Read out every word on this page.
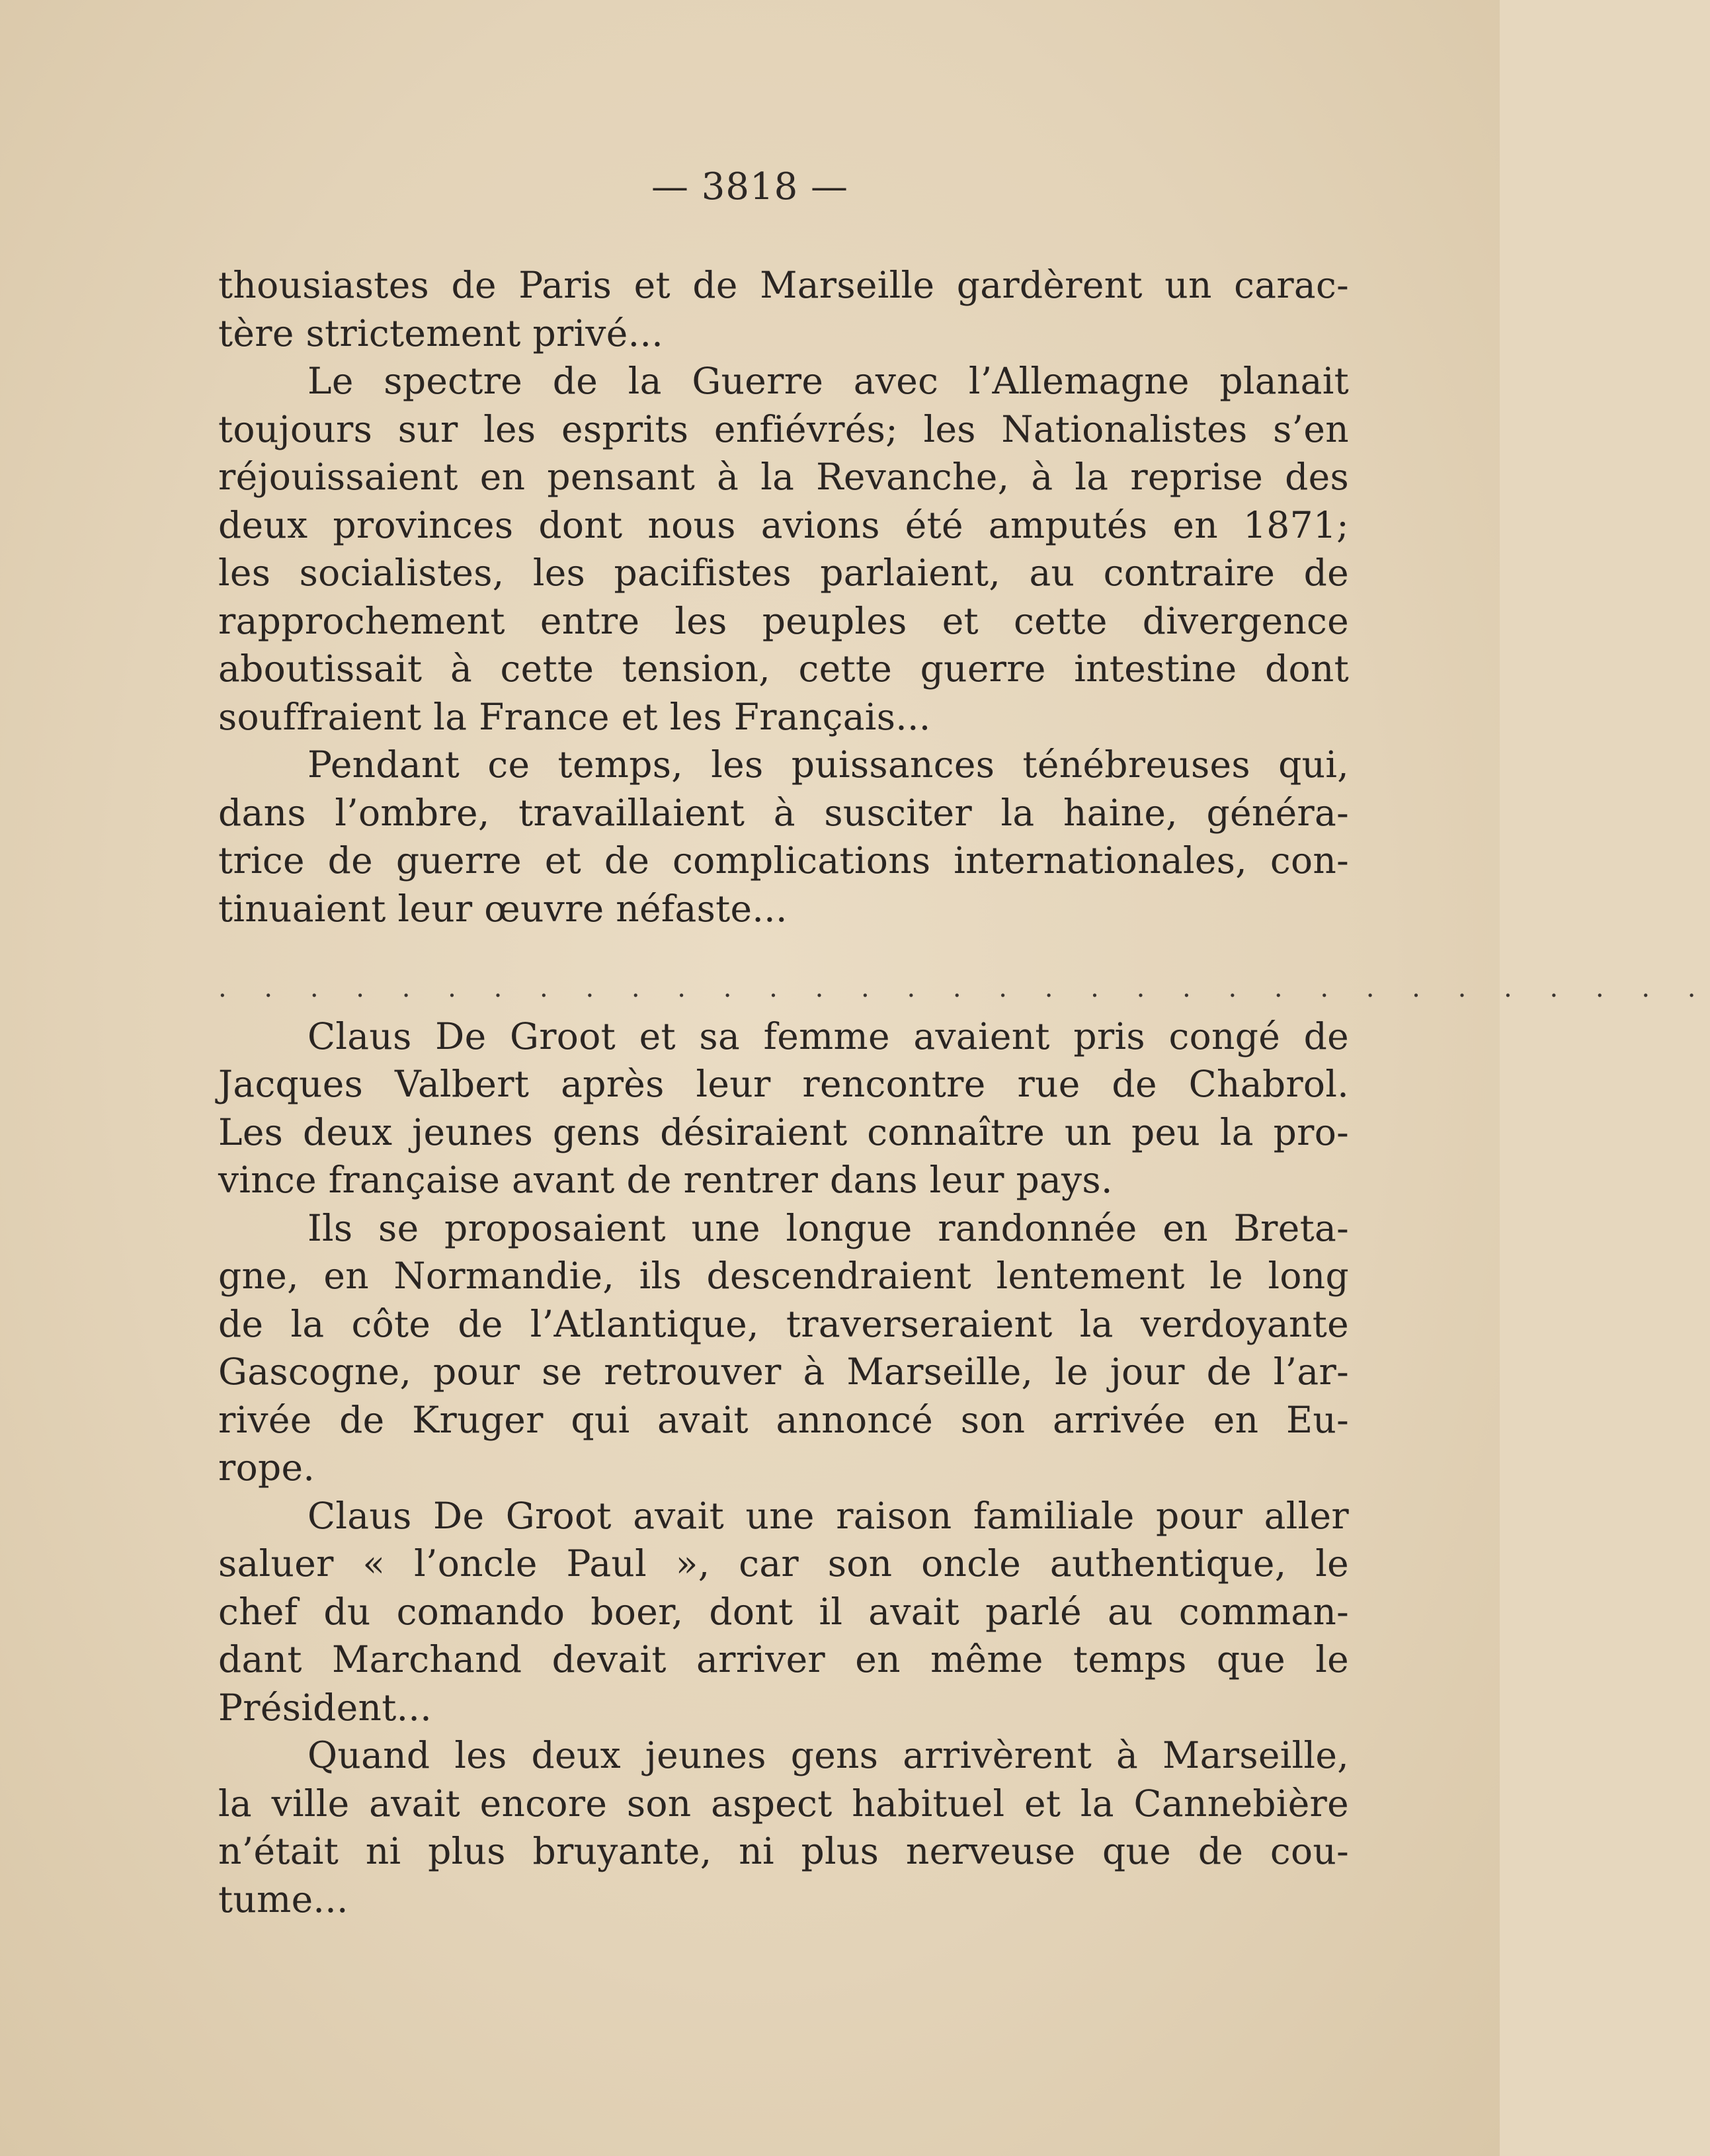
— 3818 —
thousiastes de Paris et de Marseille gardèrent un carac-
tère strictement privé...
Le spectre de la Guerre avec l’Allemagne planait
toujours sur les esprits enfiévrés; les Nationalistes s’en
réjouissaient en pensant à la Revanche, à la reprise des
deux provinces dont nous avions été amputés en 1871;
les socialistes, les pacifistes parlaient, au contraire de
rapprochement entre les peuples et cette divergence
aboutissait à cette tension, cette guerre intestine dont
souffraient la France et les Français...
Pendant ce temps, les puissances ténébreuses qui,
dans l’ombre, travaillaient à susciter la haine, généra-
trice de guerre et de complications internationales, con-
tinuaient leur œuvre néfaste...
. . . . . . . . . . . . . . . . . . . . . . . . . . . . . . . . .
Claus De Groot et sa femme avaient pris congé de
Jacques Valbert après leur rencontre rue de Chabrol.
Les deux jeunes gens désiraient connaître un peu la pro-
vince française avant de rentrer dans leur pays.
Ils se proposaient une longue randonnée en Breta-
gne, en Normandie, ils descendraient lentement le long
de la côte de l’Atlantique, traverseraient la verdoyante
Gascogne, pour se retrouver à Marseille, le jour de l’ar-
rivée de Kruger qui avait annoncé son arrivée en Eu-
rope.
Claus De Groot avait une raison familiale pour aller
saluer « l’oncle Paul », car son oncle authentique, le
chef du comando boer, dont il avait parlé au comman-
dant Marchand devait arriver en même temps que le
Président...
Quand les deux jeunes gens arrivèrent à Marseille,
la ville avait encore son aspect habituel et la Cannebière
n’était ni plus bruyante, ni plus nerveuse que de cou-
tume...
